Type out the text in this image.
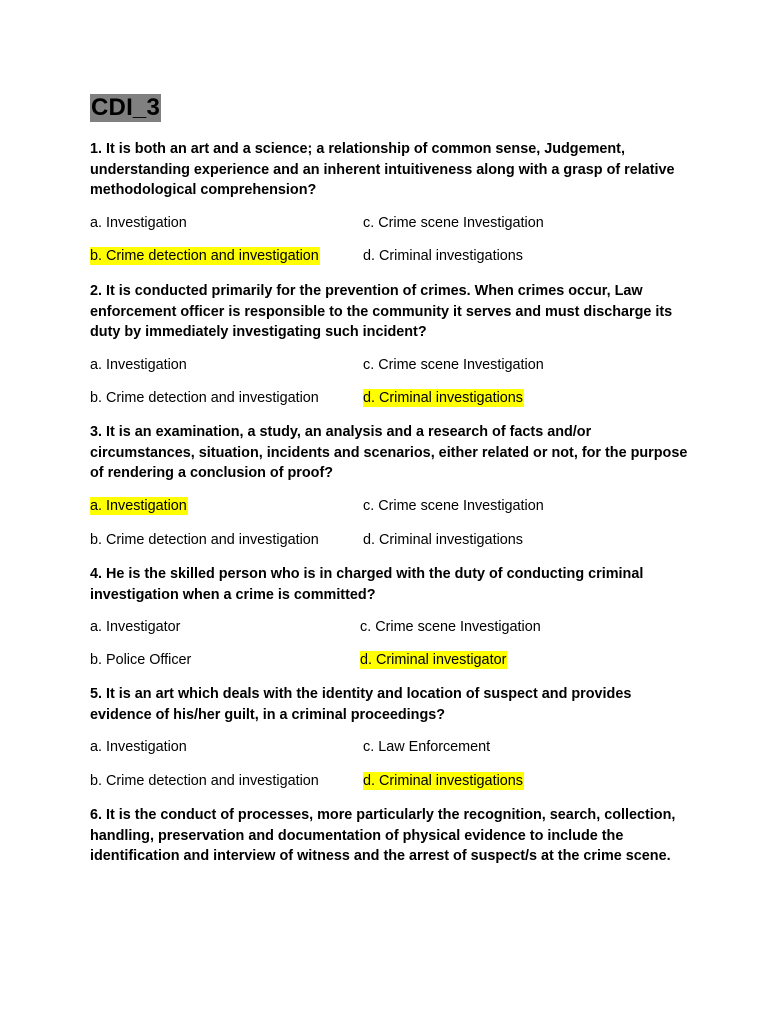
CDI_3
1. It is both an art and a science; a relationship of common sense, Judgement, understanding experience and an inherent intuitiveness along with a grasp of relative methodological comprehension?
a. Investigation	c. Crime scene Investigation
b. Crime detection and investigation	d. Criminal investigations
2. It is conducted primarily for the prevention of crimes. When crimes occur, Law enforcement officer is responsible to the community it serves and must discharge its duty by immediately investigating such incident?
a. Investigation	c. Crime scene Investigation
b. Crime detection and investigation	d. Criminal investigations
3. It is an examination, a study, an analysis and a research of facts and/or circumstances, situation, incidents and scenarios, either related or not, for the purpose of rendering a conclusion of proof?
a. Investigation	c. Crime scene Investigation
b. Crime detection and investigation	d. Criminal investigations
4. He is the skilled person who is in charged with the duty of conducting criminal investigation when a crime is committed?
a. Investigator	c. Crime scene Investigation
b. Police Officer	d. Criminal investigator
5. It is an art which deals with the identity and location of suspect and provides evidence of his/her guilt, in a criminal proceedings?
a. Investigation	c. Law Enforcement
b. Crime detection and investigation	d. Criminal investigations
6. It is the conduct of processes, more particularly the recognition, search, collection, handling, preservation and documentation of physical evidence to include the identification and interview of witness and the arrest of suspect/s at the crime scene.
